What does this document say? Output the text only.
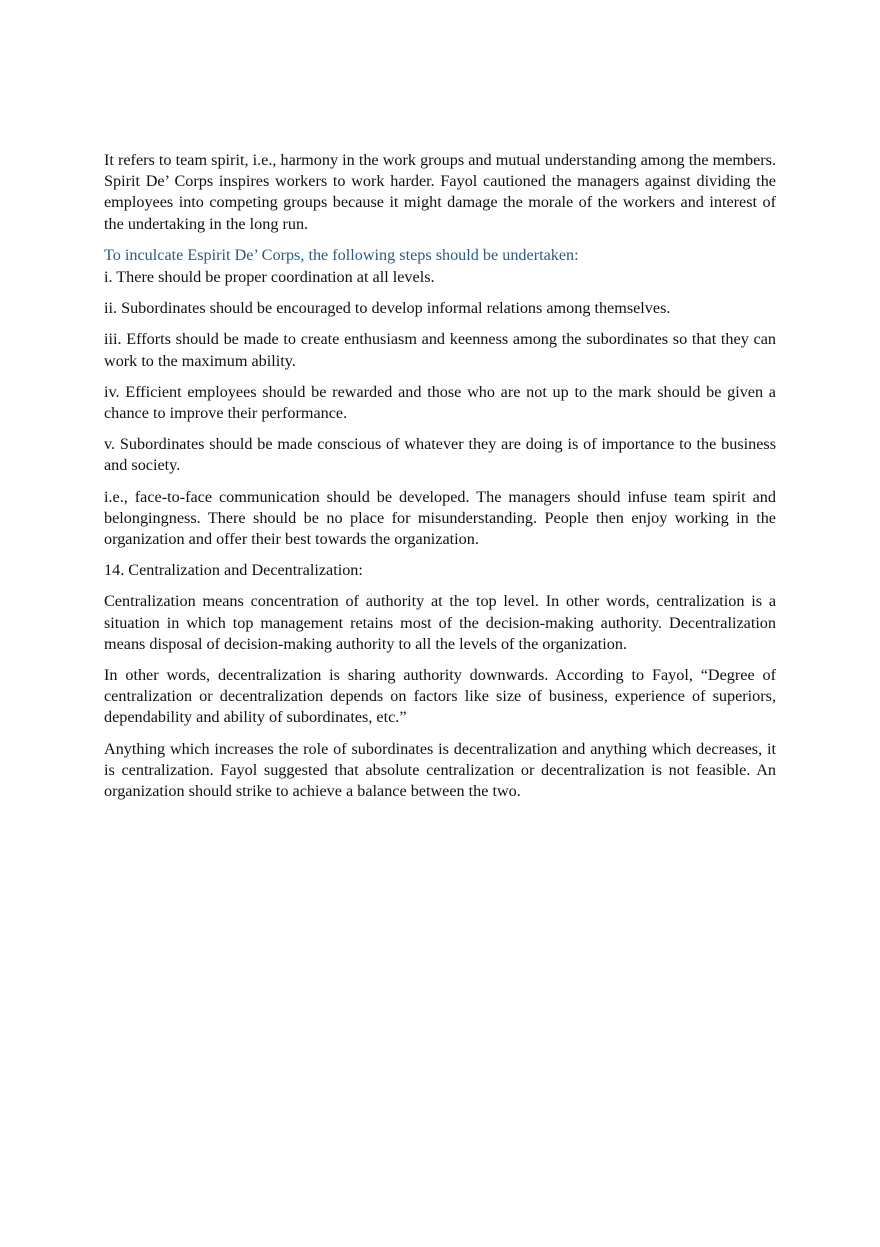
It refers to team spirit, i.e., harmony in the work groups and mutual understanding among the members. Spirit De’ Corps inspires workers to work harder. Fayol cautioned the managers against dividing the employees into competing groups because it might damage the morale of the workers and interest of the undertaking in the long run.

To inculcate Espirit De’ Corps, the following steps should be undertaken:

i. There should be proper coordination at all levels.

ii. Subordinates should be encouraged to develop informal relations among themselves.

iii. Efforts should be made to create enthusiasm and keenness among the subordinates so that they can work to the maximum ability.

iv. Efficient employees should be rewarded and those who are not up to the mark should be given a chance to improve their performance.

v. Subordinates should be made conscious of whatever they are doing is of importance to the business and society.

i.e., face-to-face communication should be developed. The managers should infuse team spirit and belongingness. There should be no place for misunderstanding. People then enjoy working in the organization and offer their best towards the organization.

14. Centralization and Decentralization:

Centralization means concentration of authority at the top level. In other words, centralization is a situation in which top management retains most of the decision-making authority. Decentralization means disposal of decision-making authority to all the levels of the organization.

In other words, decentralization is sharing authority downwards. According to Fayol, “Degree of centralization or decentralization depends on factors like size of business, experience of superiors, dependability and ability of subordinates, etc.”

Anything which increases the role of subordinates is decentralization and anything which decreases, it is centralization. Fayol suggested that absolute centralization or decentralization is not feasible. An organization should strike to achieve a balance between the two.
